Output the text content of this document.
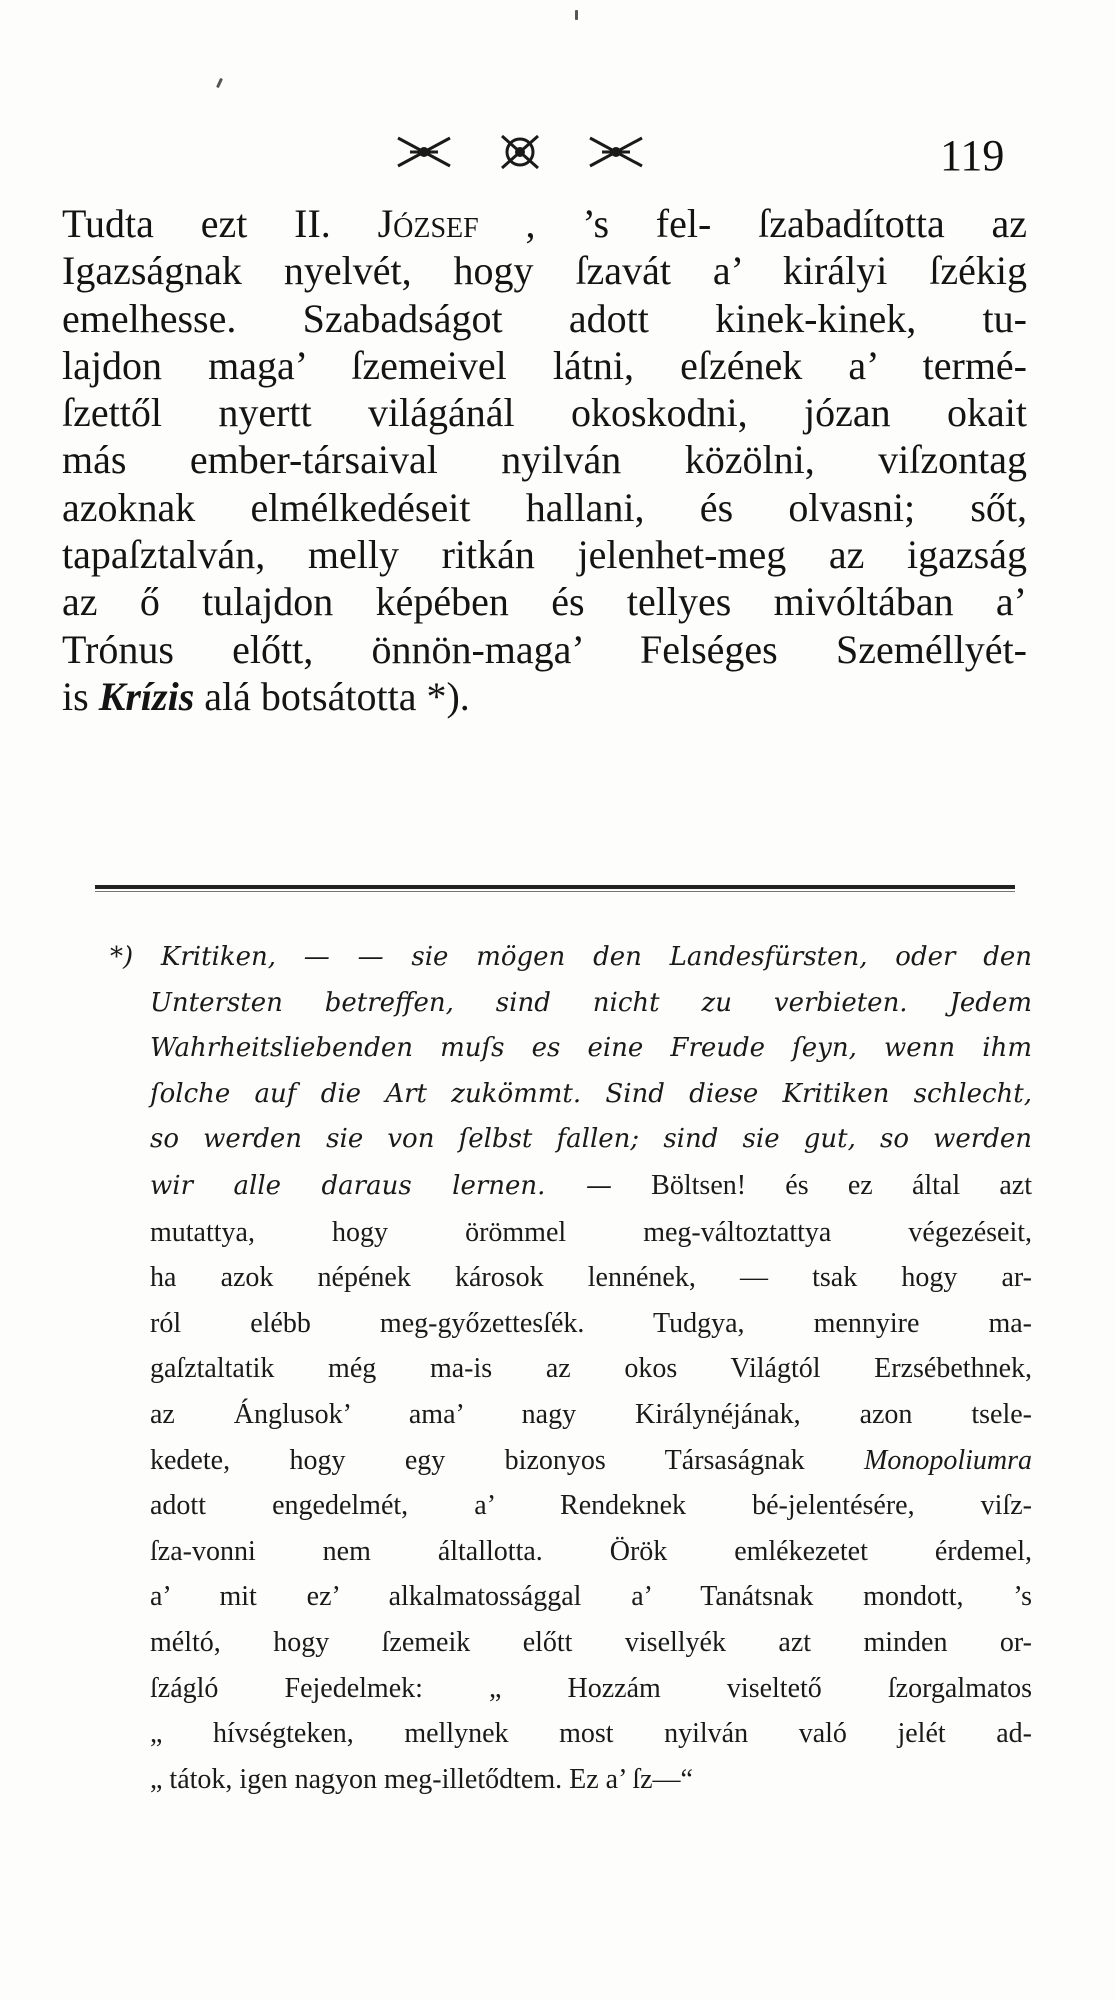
119
Tudta ezt II. József , ’s fel- ſzabadította az
Igazságnak nyelvét, hogy ſzavát a’ királyi ſzékig
emelhesse. Szabadságot adott kinek-kinek, tu-
lajdon maga’ ſzemeivel látni, eſzének a’ termé-
ſzettől nyertt világánál okoskodni, józan okait
más ember-társaival nyilván közölni, viſzontag
azoknak elmélkedéseit hallani, és olvasni; sőt,
tapaſztalván, melly ritkán jelenhet-meg az igazság
az ő tulajdon képében és tellyes mivóltában a’
Trónus előtt, önnön-maga’ Felséges Személlyét-
is Krízis alá botsátotta *).
*) Kritiken, — — sie mögen den Landesfürsten, oder den
Untersten betreffen, sind nicht zu verbieten. Jedem
Wahrheitsliebenden muſs es eine Freude ſeyn, wenn ihm
ſolche auf die Art zukömmt. Sind diese Kritiken schlecht,
so werden sie von ſelbst fallen; sind sie gut, so werden
wir alle daraus lernen. — Böltsen! és ez által azt
mutattya, hogy örömmel meg-változtattya végezéseit,
ha azok népének károsok lennének, — tsak hogy ar-
ról elébb meg-győzettesſék. Tudgya, mennyire ma-
gaſztaltatik még ma-is az okos Világtól Erzsébethnek,
az Ánglusok’ ama’ nagy Királynéjának, azon tsele-
kedete, hogy egy bizonyos Társaságnak Monopoliumra
adott engedelmét, a’ Rendeknek bé-jelentésére, viſz-
ſza-vonni nem általlotta. Örök emlékezetet érdemel,
a’ mit ez’ alkalmatossággal a’ Tanátsnak mondott, ’s
méltó, hogy ſzemeik előtt visellyék azt minden or-
ſzágló Fejedelmek: „ Hozzám viseltető ſzorgalmatos
„ hívségteken, mellynek most nyilván való jelét ad-
„ tátok, igen nagyon meg-illetődtem. Ez a’ ſz—“
